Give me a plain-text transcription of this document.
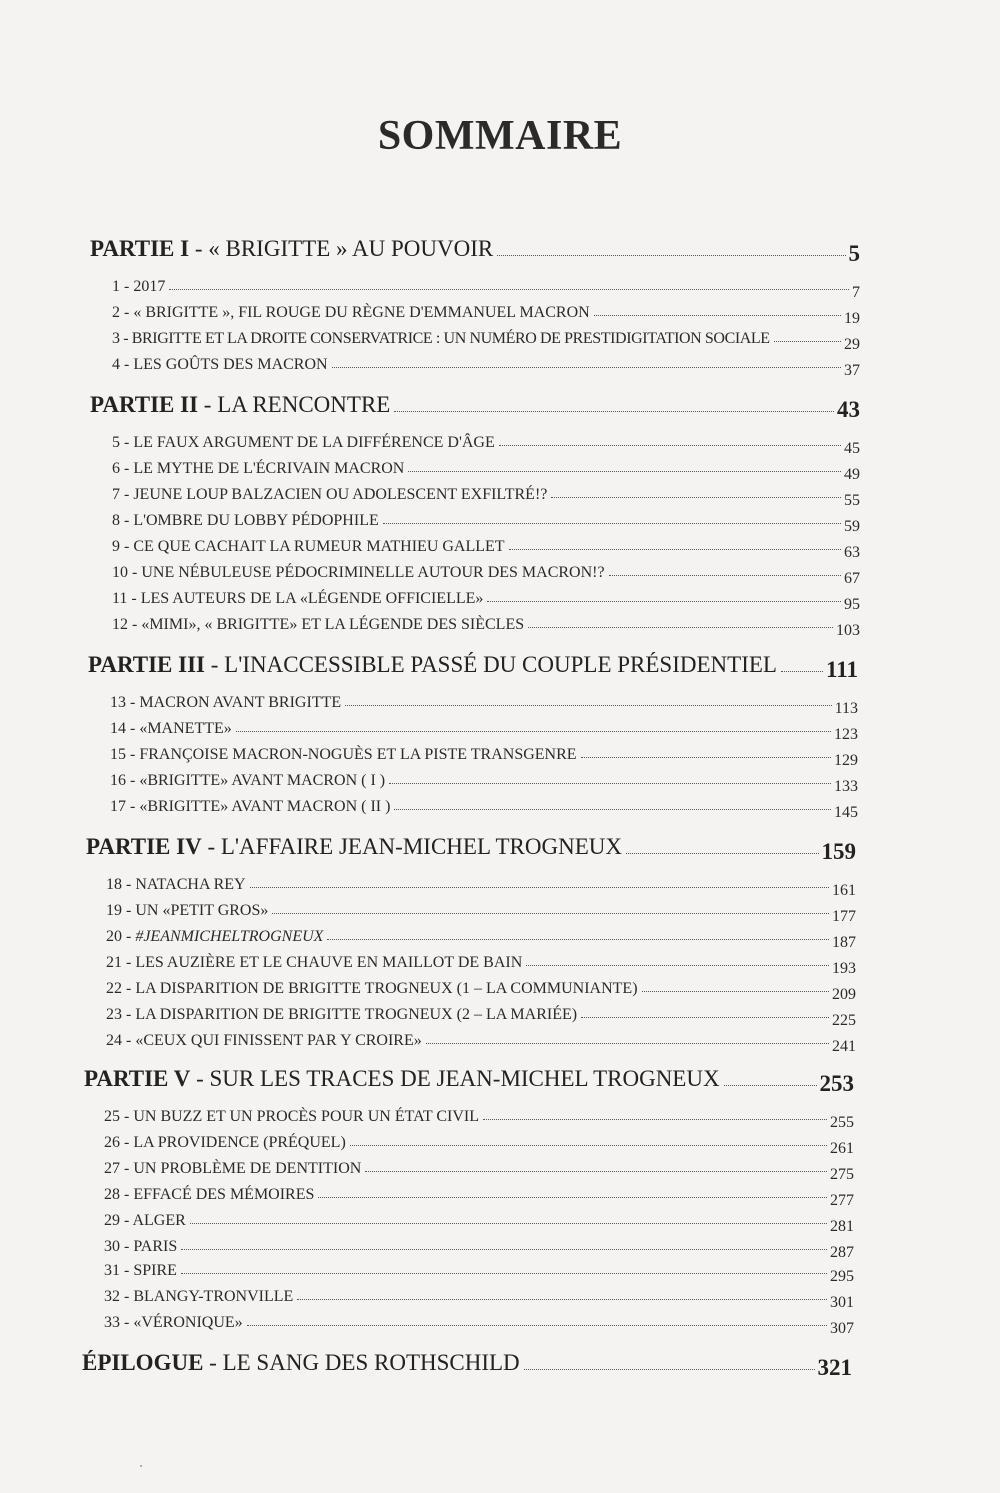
SOMMAIRE
PARTIE I - « BRIGITTE » AU POUVOIR	5
1 - 2017	7
2 - « BRIGITTE », FIL ROUGE DU RÈGNE D'EMMANUEL MACRON	19
3 - BRIGITTE ET LA DROITE CONSERVATRICE : UN NUMÉRO DE PRESTIDIGITATION SOCIALE	29
4 - LES GOÛTS DES MACRON	37
PARTIE II - LA RENCONTRE	43
5 - LE FAUX ARGUMENT DE LA DIFFÉRENCE D'ÂGE	45
6 - LE MYTHE DE L'ÉCRIVAIN MACRON	49
7 - JEUNE LOUP BALZACIEN OU ADOLESCENT EXFILTRÉ!?	55
8 - L'OMBRE DU LOBBY PÉDOPHILE	59
9 - CE QUE CACHAIT LA RUMEUR MATHIEU GALLET	63
10 - UNE NÉBULEUSE PÉDOCRIMINELLE AUTOUR DES MACRON!?	67
11 - LES AUTEURS DE LA «LÉGENDE OFFICIELLE»	95
12 - «MIMI», « BRIGITTE» ET LA LÉGENDE DES SIÈCLES	103
PARTIE III - L'INACCESSIBLE PASSÉ DU COUPLE PRÉSIDENTIEL 111
13 - MACRON AVANT BRIGITTE	113
14 - «MANETTE»	123
15 - FRANÇOISE MACRON-NOGUÈS ET LA PISTE TRANSGENRE	129
16 - «BRIGITTE» AVANT MACRON ( I )	133
17 - «BRIGITTE» AVANT MACRON ( II )	145
PARTIE IV - L'AFFAIRE JEAN-MICHEL TROGNEUX	159
18 - NATACHA REY	161
19 - UN «PETIT GROS»	177
20 - #JEANMICHELTROGNEUX	187
21 - LES AUZIÈRE ET LE CHAUVE EN MAILLOT DE BAIN	193
22 - LA DISPARITION DE BRIGITTE TROGNEUX (1 – LA COMMUNIANTE)	209
23 - LA DISPARITION DE BRIGITTE TROGNEUX (2 – LA MARIÉE)	225
24 - «CEUX QUI FINISSENT PAR Y CROIRE»	241
PARTIE V - SUR LES TRACES DE JEAN-MICHEL TROGNEUX	253
25 - UN BUZZ ET UN PROCÈS POUR UN ÉTAT CIVIL	255
26 - LA PROVIDENCE (PRÉQUEL)	261
27 - UN PROBLÈME DE DENTITION	275
28 - EFFACÉ DES MÉMOIRES	277
29 - ALGER	281
30 - PARIS	287
31 - SPIRE	295
32 - BLANGY-TRONVILLE	301
33 - «VÉRONIQUE»	307
ÉPILOGUE - LE SANG DES ROTHSCHILD	321
